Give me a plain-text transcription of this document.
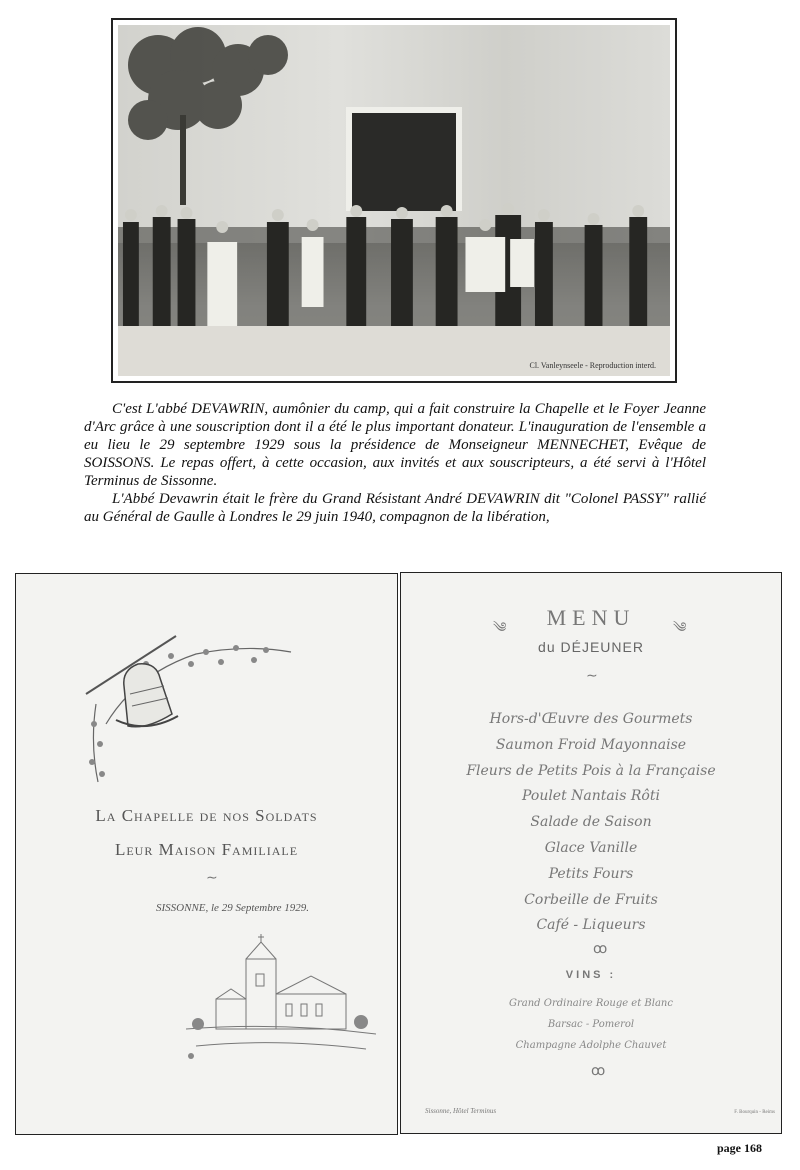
Cl. Vanleynseele - Reproduction interd.

C'est L'abbé DEVAWRIN, aumônier du camp, qui a fait construire la Chapelle et le Foyer Jeanne d'Arc grâce à une souscription dont il a été le plus important donateur. L'inauguration de l'ensemble a eu lieu le 29 septembre 1929 sous la présidence de Monseigneur MENNECHET, Evêque de SOISSONS. Le repas offert, à cette occasion, aux invités et aux souscripteurs, a été servi à l'Hôtel Terminus de Sissonne.

L'Abbé Devawrin était le frère du Grand Résistant André DEVAWRIN dit "Colonel PASSY" rallié au Général de Gaulle à Londres le 29 juin 1940, compagnon de la libération,

La Chapelle de nos Soldats
Leur Maison Familiale
∼
SISSONNE, le 29 Septembre 1929.
༄	༄
MENU
du DÉJEUNER
∼
Hors-d'Œuvre des Gourmets
Saumon Froid Mayonnaise
Fleurs de Petits Pois à la Française
Poulet Nantais Rôti
Salade de Saison
Glace Vanille
Petits Fours
Corbeille de Fruits
Café - Liqueurs
ꝏ
VINS :
Grand Ordinaire Rouge et Blanc
Barsac - Pomerol
Champagne Adolphe Chauvet
ꝏ
Sissonne, Hôtel Terminus	F. Bourquin - Reims
page 168
